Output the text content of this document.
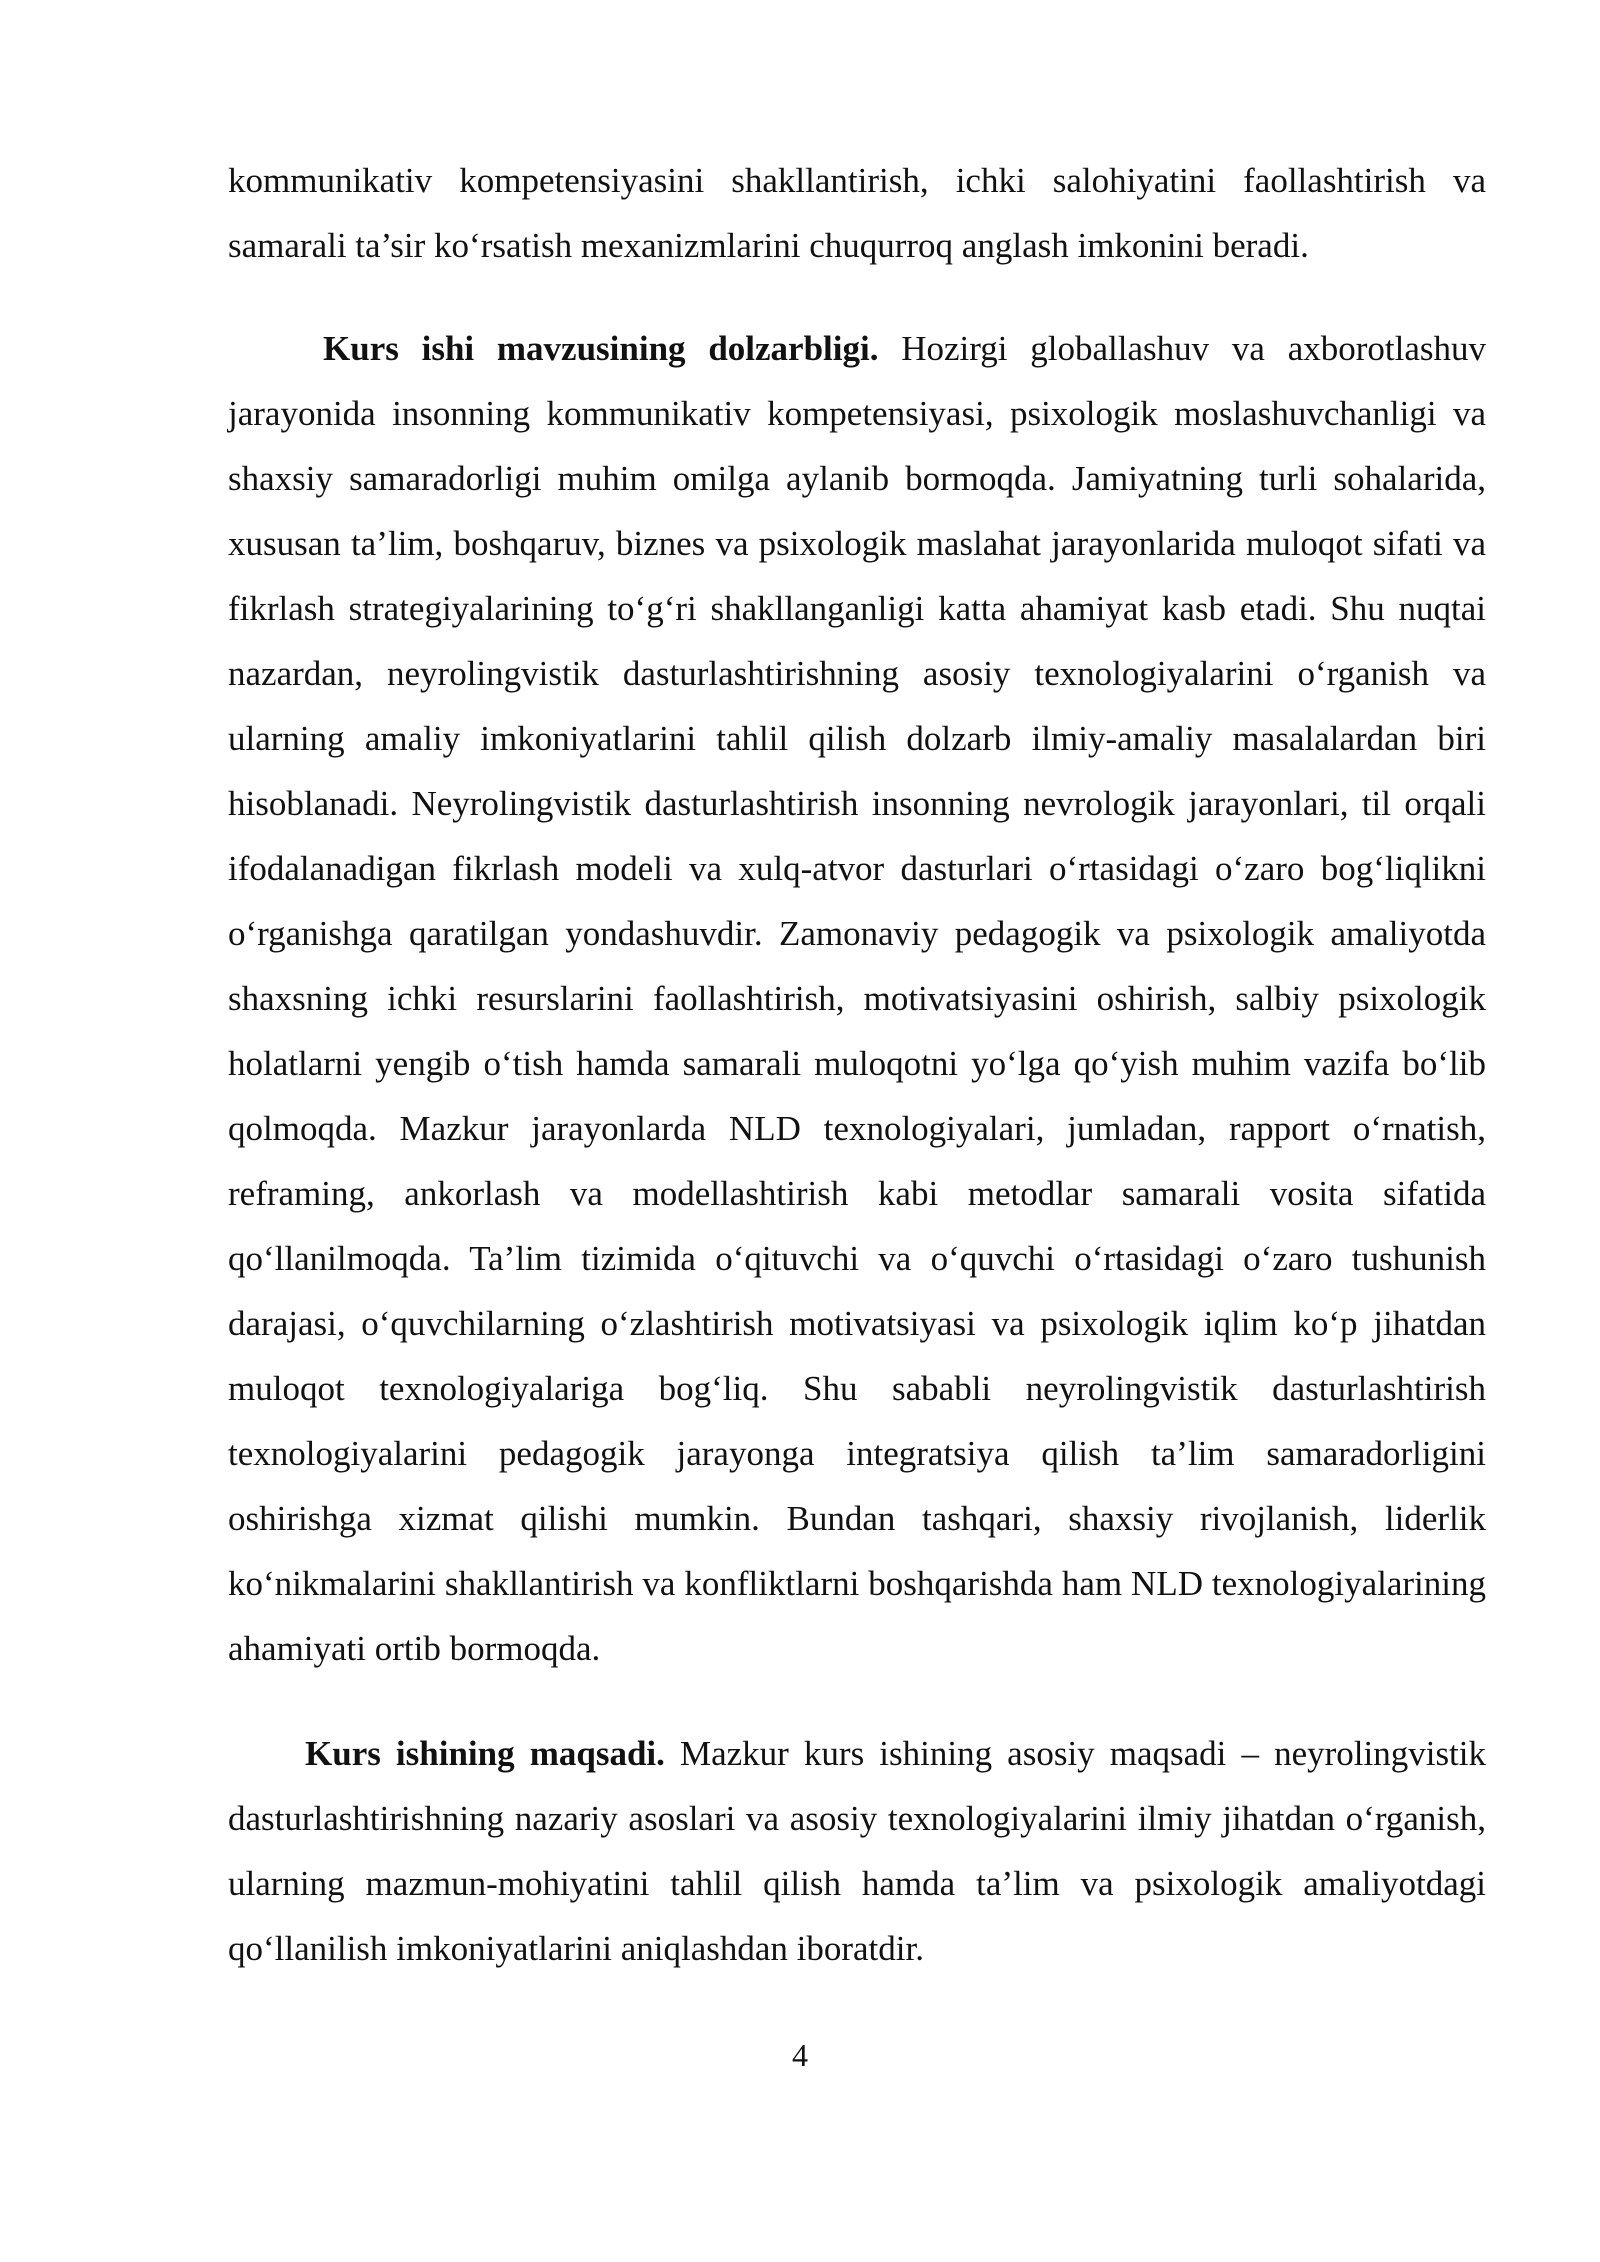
kommunikativ kompetensiyasini shakllantirish, ichki salohiyatini faollashtirish va samarali ta’sir ko‘rsatish mexanizmlarini chuqurroq anglash imkonini beradi.

Kurs ishi mavzusining dolzarbligi. Hozirgi globallashuv va axborotlashuv jarayonida insonning kommunikativ kompetensiyasi, psixologik moslashuvchanligi va shaxsiy samaradorligi muhim omilga aylanib bormoqda. Jamiyatning turli sohalarida, xususan ta’lim, boshqaruv, biznes va psixologik maslahat jarayonlarida muloqot sifati va fikrlash strategiyalarining to‘g‘ri shakllanganligi katta ahamiyat kasb etadi. Shu nuqtai nazardan, neyrolingvistik dasturlashtirishning asosiy texnologiyalarini o‘rganish va ularning amaliy imkoniyatlarini tahlil qilish dolzarb ilmiy-amaliy masalalardan biri hisoblanadi. Neyrolingvistik dasturlashtirish insonning nevrologik jarayonlari, til orqali ifodalanadigan fikrlash modeli va xulq-atvor dasturlari o‘rtasidagi o‘zaro bog‘liqlikni o‘rganishga qaratilgan yondashuvdir. Zamonaviy pedagogik va psixologik amaliyotda shaxsning ichki resurslarini faollashtirish, motivatsiyasini oshirish, salbiy psixologik holatlarni yengib o‘tish hamda samarali muloqotni yo‘lga qo‘yish muhim vazifa bo‘lib qolmoqda. Mazkur jarayonlarda NLD texnologiyalari, jumladan, rapport o‘rnatish, reframing, ankorlash va modellashtirish kabi metodlar samarali vosita sifatida qo‘llanilmoqda. Ta’lim tizimida o‘qituvchi va o‘quvchi o‘rtasidagi o‘zaro tushunish darajasi, o‘quvchilarning o‘zlashtirish motivatsiyasi va psixologik iqlim ko‘p jihatdan muloqot texnologiyalariga bog‘liq. Shu sababli neyrolingvistik dasturlashtirish texnologiyalarini pedagogik jarayonga integratsiya qilish ta’lim samaradorligini oshirishga xizmat qilishi mumkin. Bundan tashqari, shaxsiy rivojlanish, liderlik ko‘nikmalarini shakllantirish va konfliktlarni boshqarishda ham NLD texnologiyalarining ahamiyati ortib bormoqda.

Kurs ishining maqsadi. Mazkur kurs ishining asosiy maqsadi – neyrolingvistik dasturlashtirishning nazariy asoslari va asosiy texnologiyalarini ilmiy jihatdan o‘rganish, ularning mazmun-mohiyatini tahlil qilish hamda ta’lim va psixologik amaliyotdagi qo‘llanilish imkoniyatlarini aniqlashdan iboratdir.

4
